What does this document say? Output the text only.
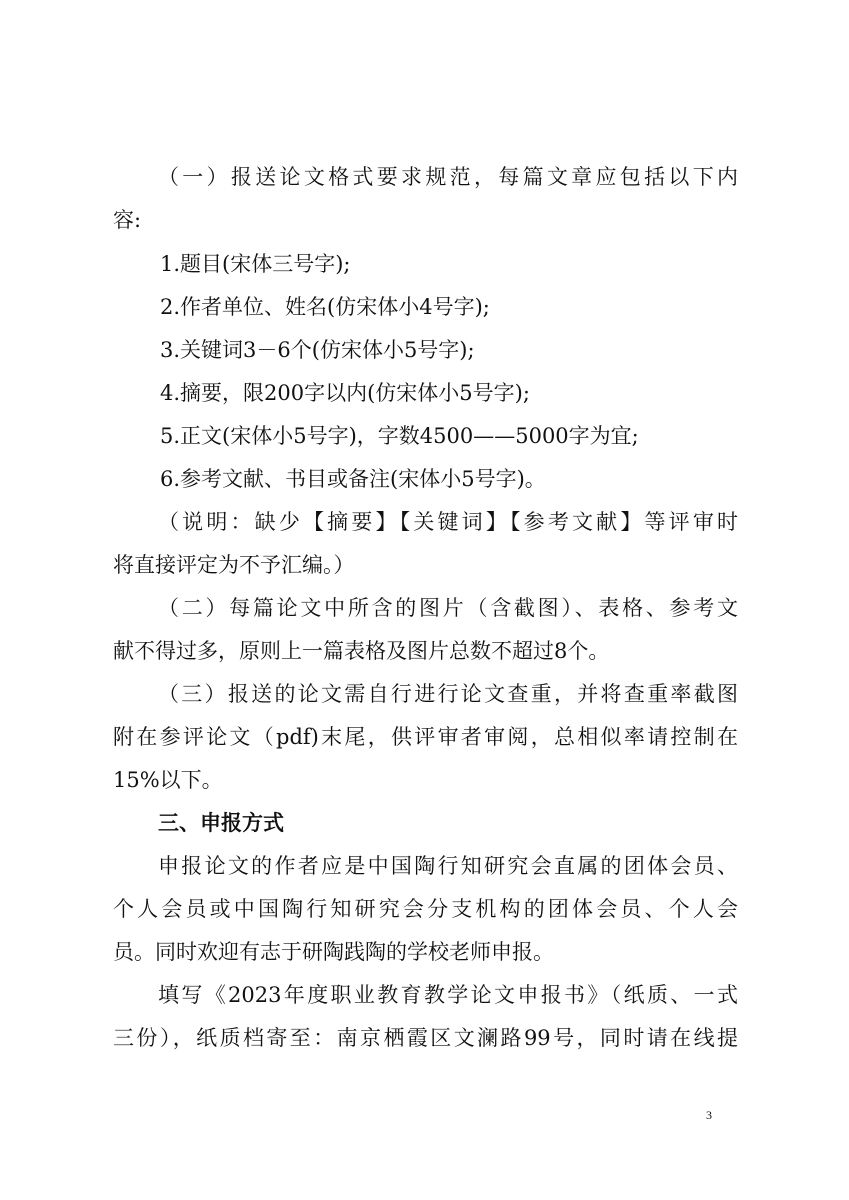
（一）报送论文格式要求规范，每篇文章应包括以下内
容:
1.题目(宋体三号字);
2.作者单位、姓名(仿宋体小4号字);
3.关键词3－6个(仿宋体小5号字);
4.摘要，限200字以内(仿宋体小5号字);
5.正文(宋体小5号字)，字数4500——5000字为宜;
6.参考文献、书目或备注(宋体小5号字)。
（说明：缺少【摘要】【关键词】【参考文献】等评审时
将直接评定为不予汇编。）
（二）每篇论文中所含的图片（含截图）、表格、参考文
献不得过多，原则上一篇表格及图片总数不超过8个。
（三）报送的论文需自行进行论文查重，并将查重率截图
附在参评论文（pdf)末尾，供评审者审阅，总相似率请控制在
15%以下。
三、申报方式
申报论文的作者应是中国陶行知研究会直属的团体会员、
个人会员或中国陶行知研究会分支机构的团体会员、个人会
员。同时欢迎有志于研陶践陶的学校老师申报。
填写《2023年度职业教育教学论文申报书》（纸质、一式
三份），纸质档寄至：南京栖霞区文澜路99号，同时请在线提
3
